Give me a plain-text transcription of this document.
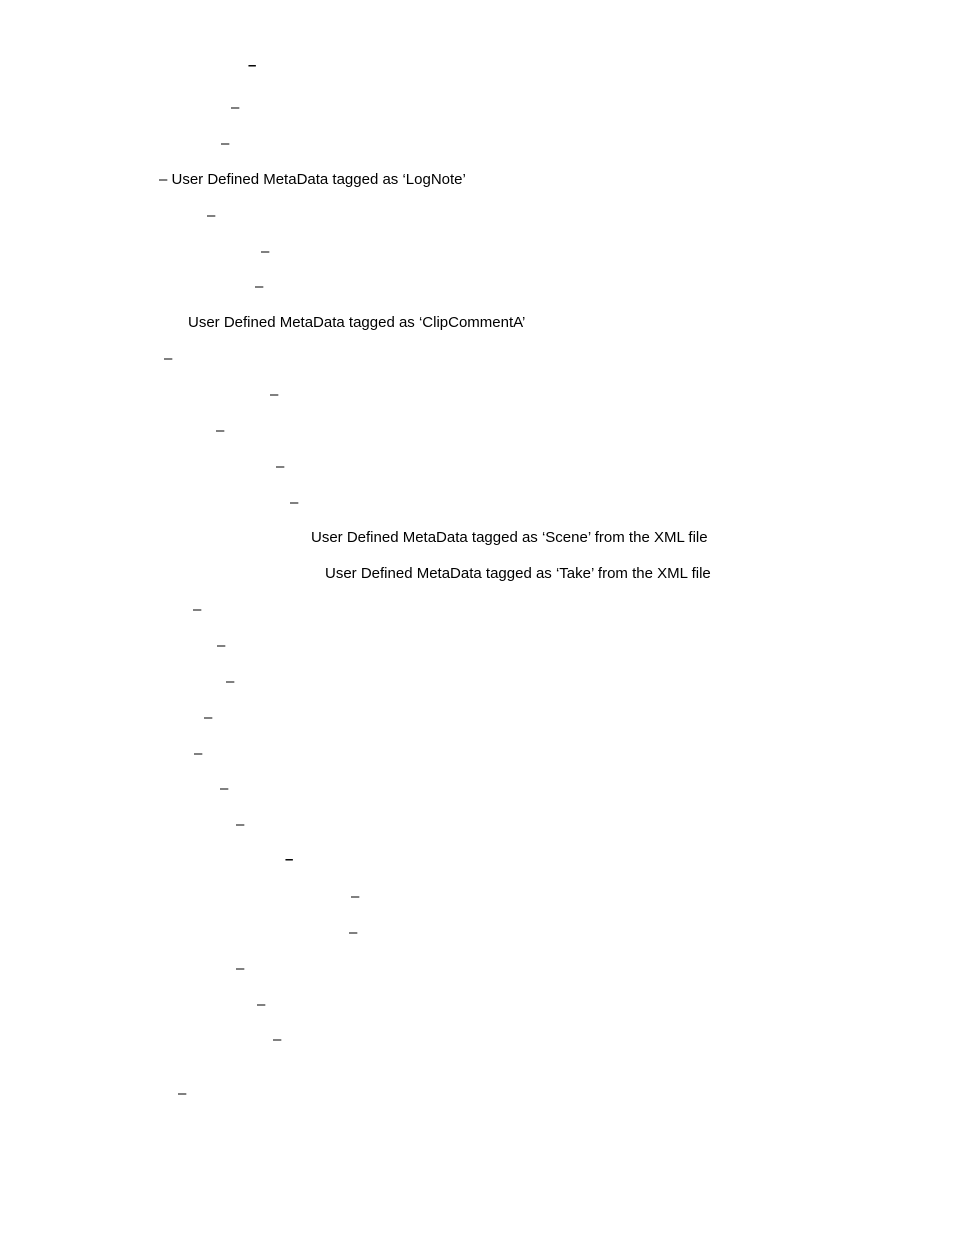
–
–
–
– User Defined MetaData tagged as ‘LogNote’
–
–
–
User Defined MetaData tagged as ‘ClipCommentA’
–
–
–
–
–
User Defined MetaData tagged as ‘Scene’ from the XML file
User Defined MetaData tagged as ‘Take’ from the XML file
–
–
–
–
–
–
–
–
–
–
–
–
–
–
